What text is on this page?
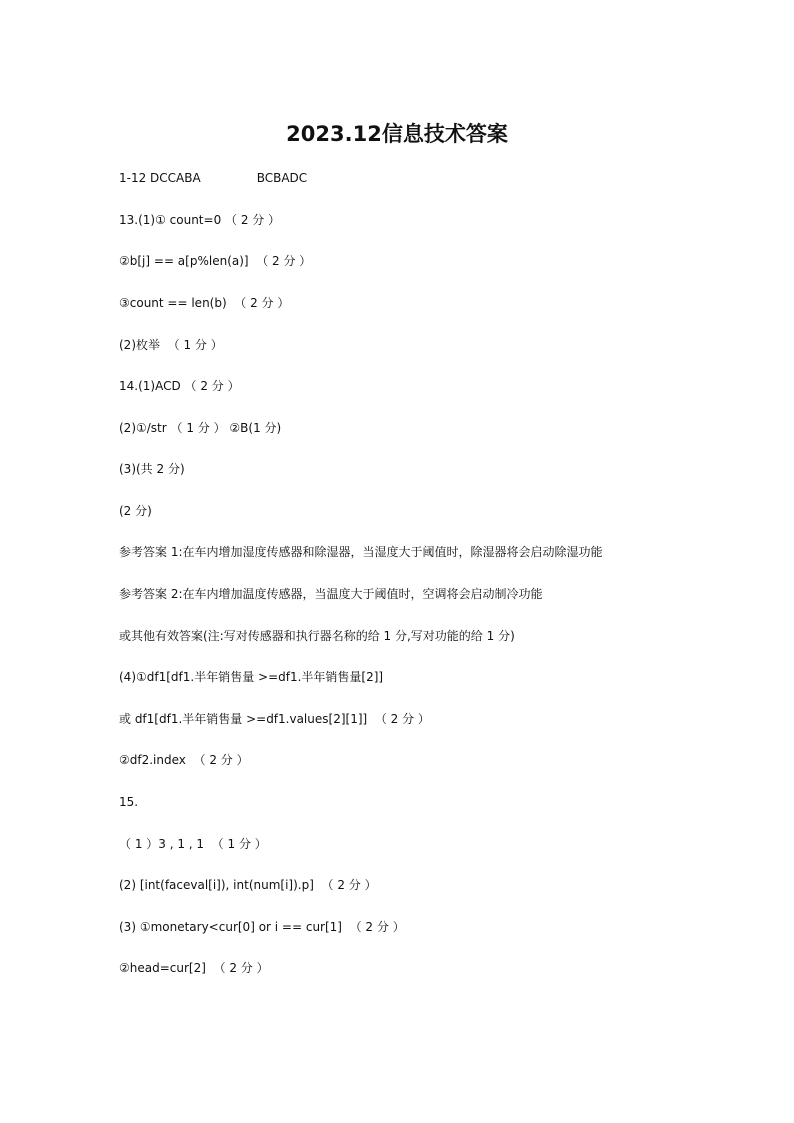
2023.12信息技术答案
1-12 DCCABA	BCBADC
13.(1)① count=0 （ 2 分 ）
②b[j] == a[p%len(a)]  （ 2 分 ）
③count == len(b)  （ 2 分 ）
(2)枚举  （ 1 分 ）
14.(1)ACD （ 2 分 ）
(2)①/str （ 1 分 ） ②B(1 分)
(3)(共 2 分)
(2 分)
参考答案 1:在车内增加湿度传感器和除湿器，当湿度大于阈值时，除湿器将会启动除湿功能
参考答案 2:在车内增加温度传感器，当温度大于阈值时，空调将会启动制冷功能
或其他有效答案(注:写对传感器和执行器名称的给 1 分,写对功能的给 1 分)
(4)①df1[df1.半年销售量 >=df1.半年销售量[2]]
或 df1[df1.半年销售量 >=df1.values[2][1]]  （ 2 分 ）
②df2.index  （ 2 分 ）
15.
（ 1 ）3 , 1 , 1  （ 1 分 ）
(2) [int(faceval[i]), int(num[i]).p]  （ 2 分 ）
(3) ①monetary<cur[0] or i == cur[1]  （ 2 分 ）
②head=cur[2]  （ 2 分 ）
